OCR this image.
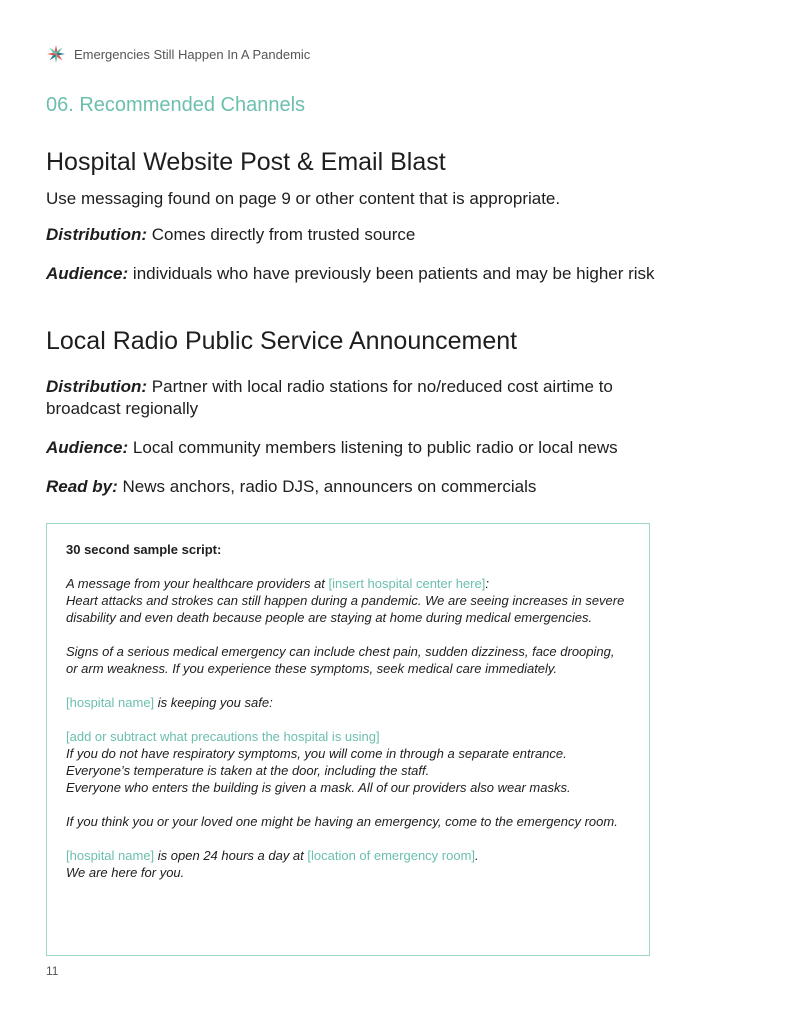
Emergencies Still Happen In A Pandemic
06. Recommended Channels
Hospital Website Post & Email Blast

Use messaging found on page 9 or other content that is appropriate.

Distribution: Comes directly from trusted source

Audience: individuals who have previously been patients and may be higher risk

Local Radio Public Service Announcement

Distribution: Partner with local radio stations for no/reduced cost airtime to broadcast regionally

Audience: Local community members listening to public radio or local news

Read by: News anchors, radio DJS, announcers on commercials

30 second sample script:
A message from your healthcare providers at [insert hospital center here]:
Heart attacks and strokes can still happen during a pandemic. We are seeing increases in severe disability and even death because people are staying at home during medical emergencies.
Signs of a serious medical emergency can include chest pain, sudden dizziness, face drooping, or arm weakness. If you experience these symptoms, seek medical care immediately.
[hospital name] is keeping you safe:
[add or subtract what precautions the hospital is using]
If you do not have respiratory symptoms, you will come in through a separate entrance.
Everyone’s temperature is taken at the door, including the staff.
Everyone who enters the building is given a mask. All of our providers also wear masks.
If you think you or your loved one might be having an emergency, come to the emergency room.
[hospital name] is open 24 hours a day at [location of emergency room].
We are here for you.
11
